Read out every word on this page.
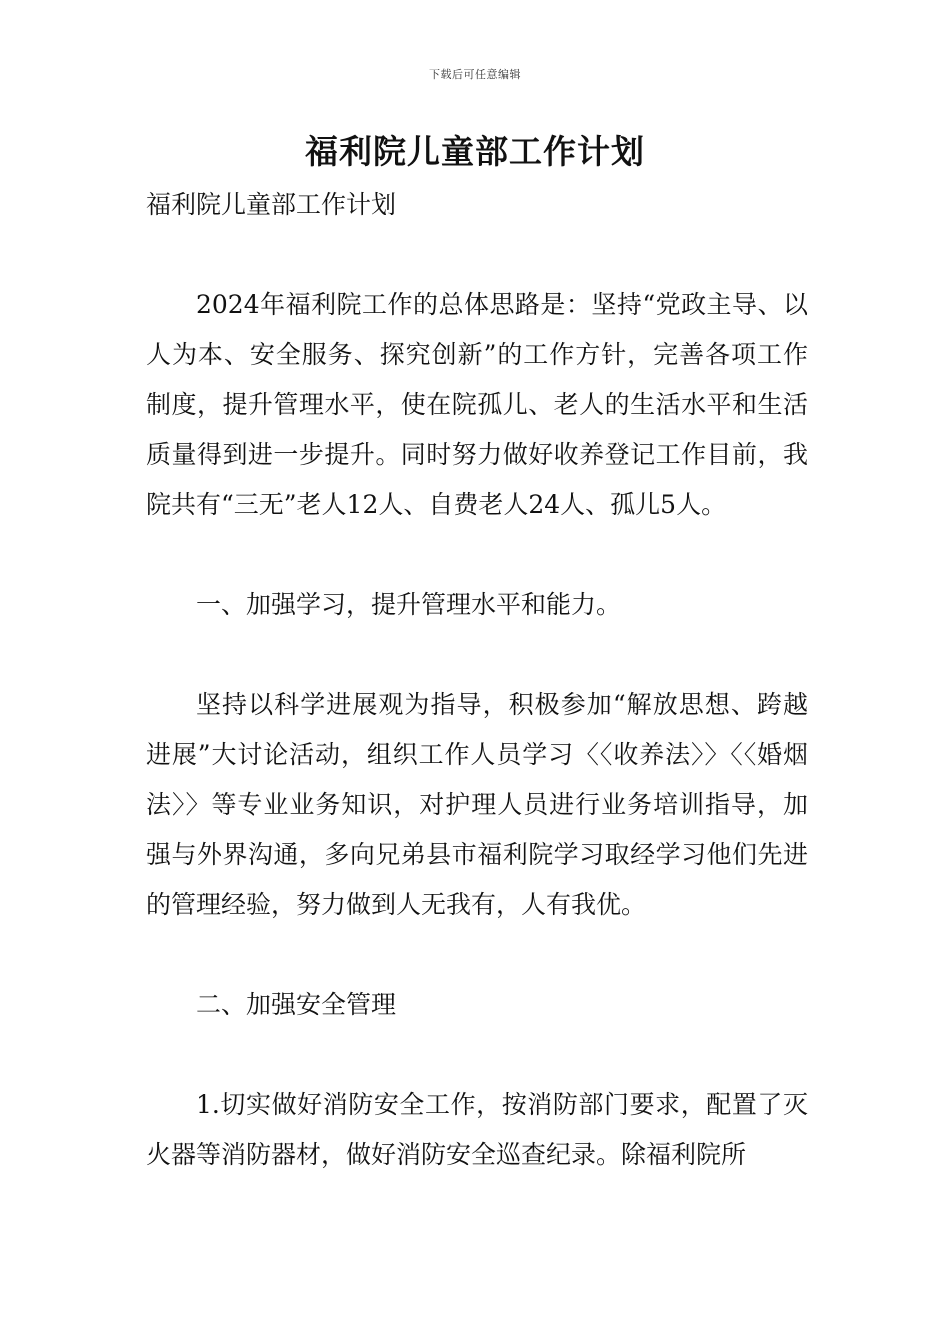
下载后可任意编辑
福利院儿童部工作计划

福利院儿童部工作计划

2024年福利院工作的总体思路是：坚持“党政主导、以人为本、安全服务、探究创新”的工作方针，完善各项工作制度，提升管理水平，使在院孤儿、老人的生活水平和生活质量得到进一步提升。同时努力做好收养登记工作目前，我院共有“三无”老人12人、自费老人24人、孤儿5人。

一、加强学习，提升管理水平和能力。

坚持以科学进展观为指导，积极参加“解放思想、跨越进展”大讨论活动，组织工作人员学习〈〈收养法〉〉〈〈婚烟法〉〉等专业业务知识，对护理人员进行业务培训指导，加强与外界沟通，多向兄弟县市福利院学习取经学习他们先进的管理经验，努力做到人无我有，人有我优。

二、加强安全管理

1.切实做好消防安全工作，按消防部门要求，配置了灭火器等消防器材，做好消防安全巡查纪录。除福利院所
